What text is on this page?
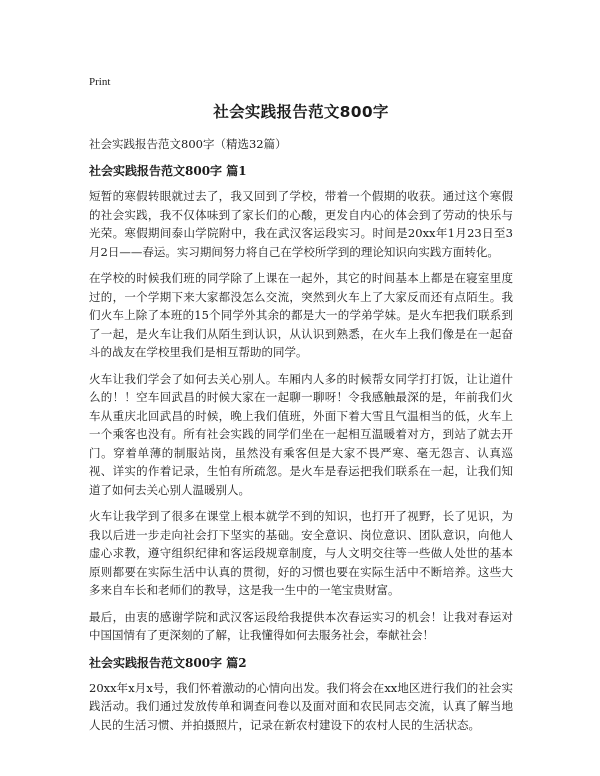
Print
社会实践报告范文800字

社会实践报告范文800字（精选32篇）

社会实践报告范文800字 篇1

短暂的寒假转眼就过去了，我又回到了学校，带着一个假期的收获。通过这个寒假的社会实践，我不仅体味到了家长们的心酸，更发自内心的体会到了劳动的快乐与光荣。寒假期间泰山学院附中，我在武汉客运段实习。时间是20xx年1月23日至3月2日——春运。实习期间努力将自己在学校所学到的理论知识向实践方面转化。

在学校的时候我们班的同学除了上课在一起外，其它的时间基本上都是在寝室里度过的，一个学期下来大家都没怎么交流，突然到火车上了大家反而还有点陌生。我们火车上除了本班的15个同学外其余的都是大一的学弟学妹。是火车把我们联系到了一起，是火车让我们从陌生到认识，从认识到熟悉，在火车上我们像是在一起奋斗的战友在学校里我们是相互帮助的同学。

火车让我们学会了如何去关心别人。车厢内人多的时候帮女同学打打饭，让让道什么的！！空车回武昌的时候大家在一起聊一聊呀！令我感触最深的是，年前我们火车从重庆北回武昌的时候，晚上我们值班，外面下着大雪且气温相当的低，火车上一个乘客也没有。所有社会实践的同学们坐在一起相互温暖着对方，到站了就去开门。穿着单薄的制服站岗，虽然没有乘客但是大家不畏严寒、毫无怨言、认真巡视、详实的作着记录，生怕有所疏忽。是火车是春运把我们联系在一起，让我们知道了如何去关心别人温暖别人。

火车让我学到了很多在课堂上根本就学不到的知识，也打开了视野，长了见识，为我以后进一步走向社会打下坚实的基础。安全意识、岗位意识、团队意识，向他人虚心求教，遵守组织纪律和客运段规章制度，与人文明交往等一些做人处世的基本原则都要在实际生活中认真的贯彻，好的习惯也要在实际生活中不断培养。这些大多来自车长和老师们的教导，这是我一生中的一笔宝贵财富。

最后，由衷的感谢学院和武汉客运段给我提供本次春运实习的机会！让我对春运对中国国情有了更深刻的了解，让我懂得如何去服务社会，奉献社会！

社会实践报告范文800字 篇2

20xx年x月x号，我们怀着激动的心情向出发。我们将会在xx地区进行我们的社会实践活动。我们通过发放传单和调查问卷以及面对面和农民同志交流，认真了解当地人民的生活习惯、并拍摄照片，记录在新农村建设下的农村人民的生活状态。
